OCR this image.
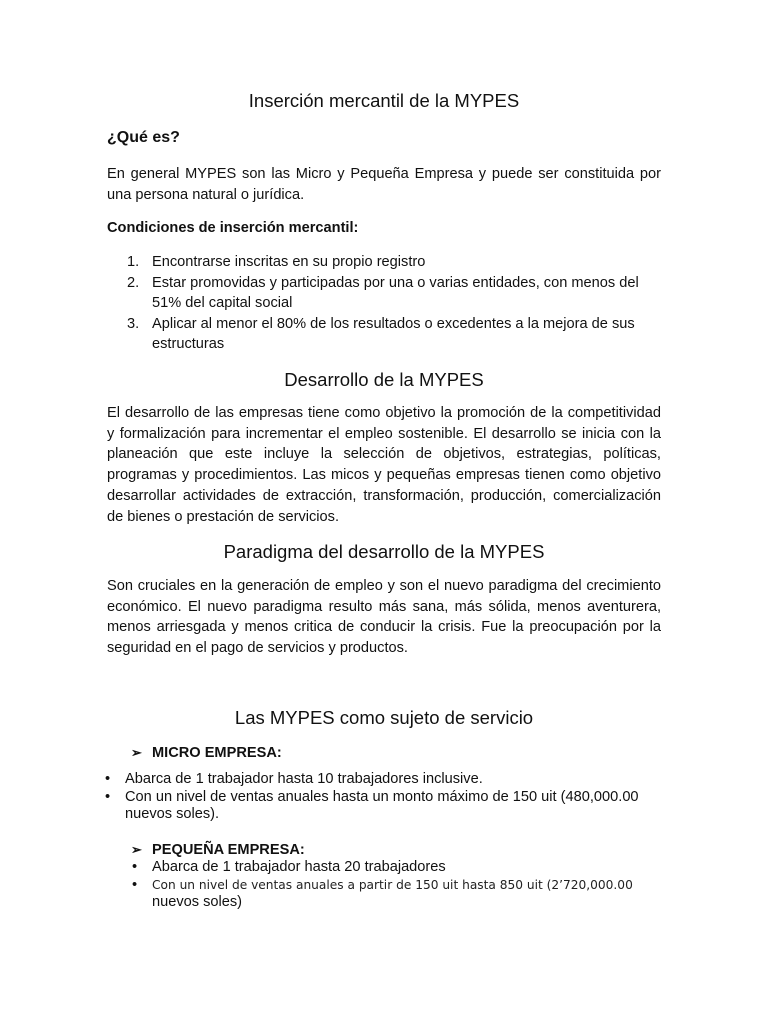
Inserción mercantil de la MYPES
¿Qué es?

En general MYPES son las Micro y Pequeña Empresa y puede ser constituida por una persona natural o jurídica.

Condiciones de inserción mercantil:

1. Encontrarse inscritas en su propio registro
2. Estar promovidas y participadas por una o varias entidades, con menos del 51% del capital social
3. Aplicar al menor el 80% de los resultados o excedentes a la mejora de sus estructuras
Desarrollo de la MYPES

El desarrollo de las empresas tiene como objetivo la promoción de la competitividad y formalización para incrementar el empleo sostenible. El desarrollo se inicia con la planeación que este incluye la selección de objetivos, estrategias, políticas, programas y procedimientos. Las micos y pequeñas empresas tienen como objetivo desarrollar actividades de extracción, transformación, producción, comercialización de bienes o prestación de servicios.

Paradigma del desarrollo de la MYPES

Son cruciales en la generación de empleo y son el nuevo paradigma del crecimiento económico. El nuevo paradigma resulto más sana, más sólida, menos aventurera, menos arriesgada y menos critica de conducir la crisis. Fue la preocupación por la seguridad en el pago de servicios y productos.

Las MYPES como sujeto de servicio

➢ MICRO EMPRESA:

• Abarca de 1 trabajador hasta 10 trabajadores inclusive.
• Con un nivel de ventas anuales hasta un monto máximo de 150 uit (480,000.00 nuevos soles).

➢ PEQUEÑA EMPRESA:

• Abarca de 1 trabajador hasta 20 trabajadores
• Con un nivel de ventas anuales a partir de 150 uit hasta 850 uit (2’720,000.00
nuevos soles)
